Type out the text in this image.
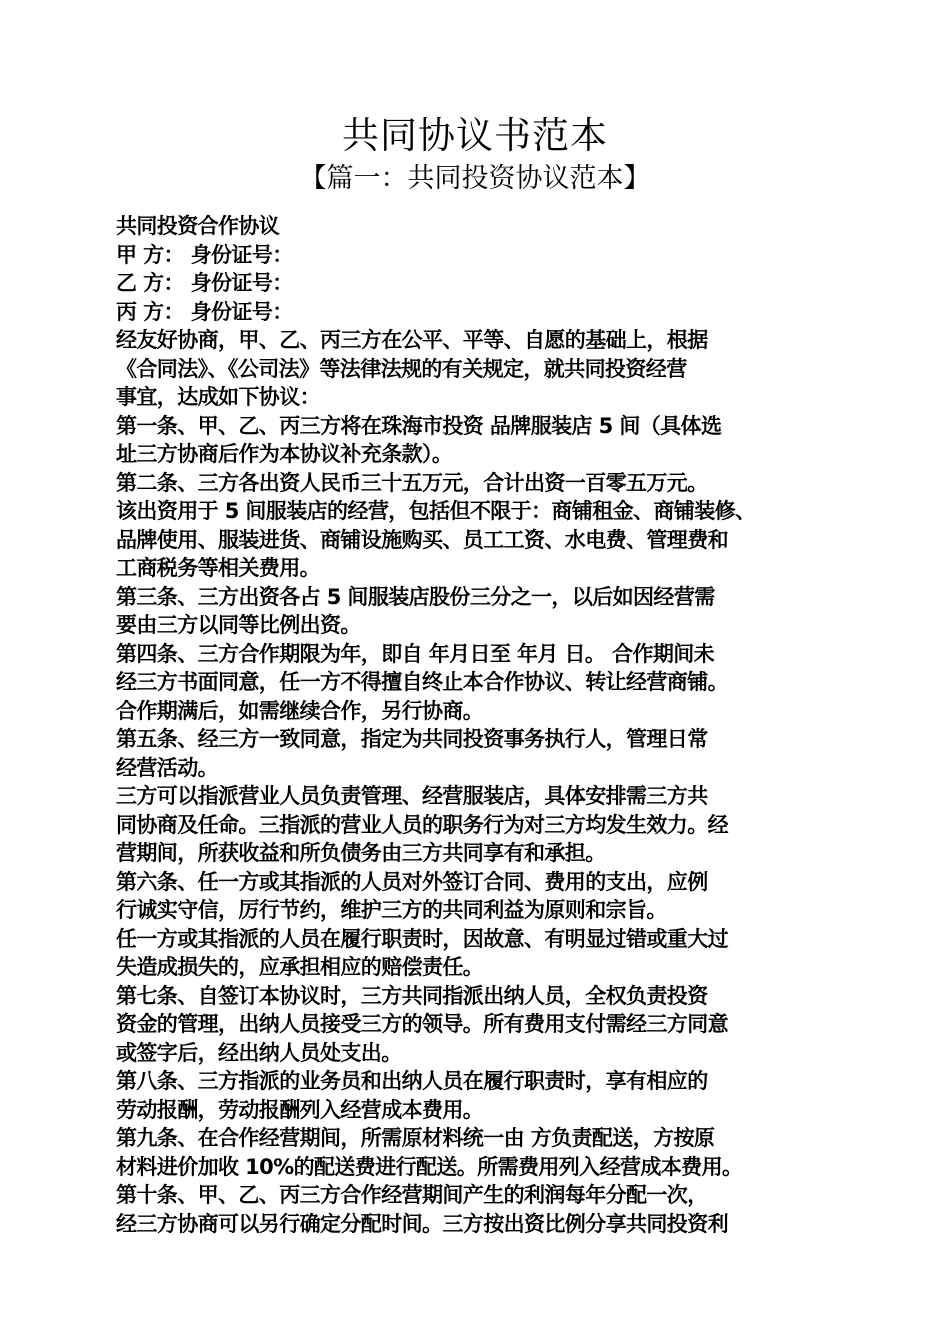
共同协议书范本
【篇一：共同投资协议范本】

共同投资合作协议

甲 方： 身份证号：

乙 方： 身份证号：

丙 方： 身份证号：

经友好协商，甲、乙、丙三方在公平、平等、自愿的基础上，根据

《合同法》、《公司法》等法律法规的有关规定，就共同投资经营

事宜，达成如下协议：

第一条、甲、乙、丙三方将在珠海市投资 品牌服装店 5 间（具体选

址三方协商后作为本协议补充条款）。

第二条、三方各出资人民币三十五万元，合计出资一百零五万元。

该出资用于 5 间服装店的经营，包括但不限于：商铺租金、商铺装修、

品牌使用、服装进货、商铺设施购买、员工工资、水电费、管理费和

工商税务等相关费用。

第三条、三方出资各占 5 间服装店股份三分之一，以后如因经营需

要由三方以同等比例出资。

第四条、三方合作期限为年，即自 年月日至 年月 日。 合作期间未

经三方书面同意，任一方不得擅自终止本合作协议、转让经营商铺。

合作期满后，如需继续合作，另行协商。

第五条、经三方一致同意，指定为共同投资事务执行人，管理日常

经营活动。

三方可以指派营业人员负责管理、经营服装店，具体安排需三方共

同协商及任命。三指派的营业人员的职务行为对三方均发生效力。经

营期间，所获收益和所负债务由三方共同享有和承担。

第六条、任一方或其指派的人员对外签订合同、费用的支出，应例

行诚实守信，厉行节约，维护三方的共同利益为原则和宗旨。

任一方或其指派的人员在履行职责时，因故意、有明显过错或重大过

失造成损失的，应承担相应的赔偿责任。

第七条、自签订本协议时，三方共同指派出纳人员，全权负责投资

资金的管理，出纳人员接受三方的领导。所有费用支付需经三方同意

或签字后，经出纳人员处支出。

第八条、三方指派的业务员和出纳人员在履行职责时，享有相应的

劳动报酬，劳动报酬列入经营成本费用。

第九条、在合作经营期间，所需原材料统一由 方负责配送，方按原

材料进价加收 10%的配送费进行配送。所需费用列入经营成本费用。

第十条、甲、乙、丙三方合作经营期间产生的利润每年分配一次，

经三方协商可以另行确定分配时间。三方按出资比例分享共同投资利
